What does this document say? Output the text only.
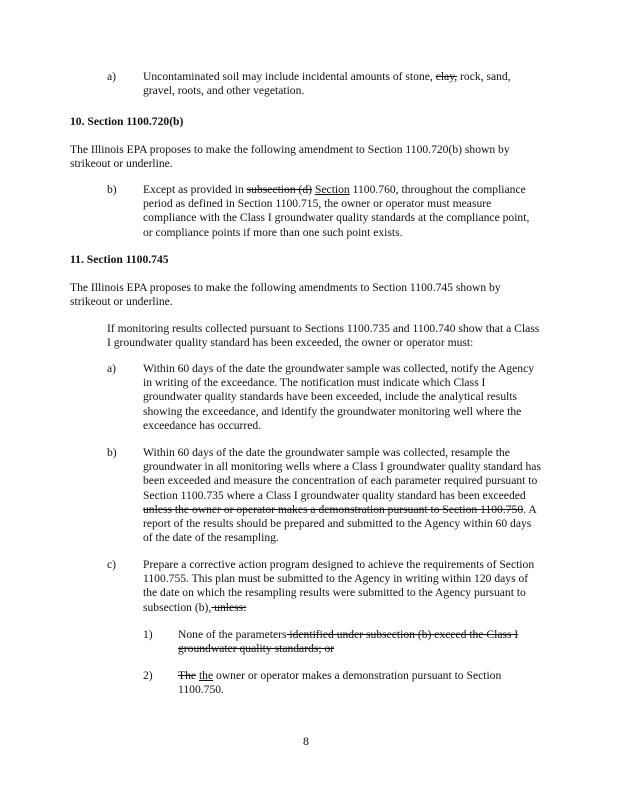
a) Uncontaminated soil may include incidental amounts of stone, clay, rock, sand, gravel, roots, and other vegetation.

10. Section 1100.720(b)

The Illinois EPA proposes to make the following amendment to Section 1100.720(b) shown by strikeout or underline.

b) Except as provided in subsection (d) Section 1100.760, throughout the compliance period as defined in Section 1100.715, the owner or operator must measure compliance with the Class I groundwater quality standards at the compliance point, or compliance points if more than one such point exists.

11. Section 1100.745

The Illinois EPA proposes to make the following amendments to Section 1100.745 shown by strikeout or underline.

If monitoring results collected pursuant to Sections 1100.735 and 1100.740 show that a Class I groundwater quality standard has been exceeded, the owner or operator must:

a) Within 60 days of the date the groundwater sample was collected, notify the Agency in writing of the exceedance. The notification must indicate which Class I groundwater quality standards have been exceeded, include the analytical results showing the exceedance, and identify the groundwater monitoring well where the exceedance has occurred.

b) Within 60 days of the date the groundwater sample was collected, resample the groundwater in all monitoring wells where a Class I groundwater quality standard has been exceeded and measure the concentration of each parameter required pursuant to Section 1100.735 where a Class I groundwater quality standard has been exceeded unless the owner or operator makes a demonstration pursuant to Section 1100.750. A report of the results should be prepared and submitted to the Agency within 60 days of the date of the resampling.

c) Prepare a corrective action program designed to achieve the requirements of Section 1100.755. This plan must be submitted to the Agency in writing within 120 days of the date on which the resampling results were submitted to the Agency pursuant to subsection (b), unless:

1) None of the parameters identified under subsection (b) exceed the Class I groundwater quality standards; or

2) The the owner or operator makes a demonstration pursuant to Section 1100.750.

8
